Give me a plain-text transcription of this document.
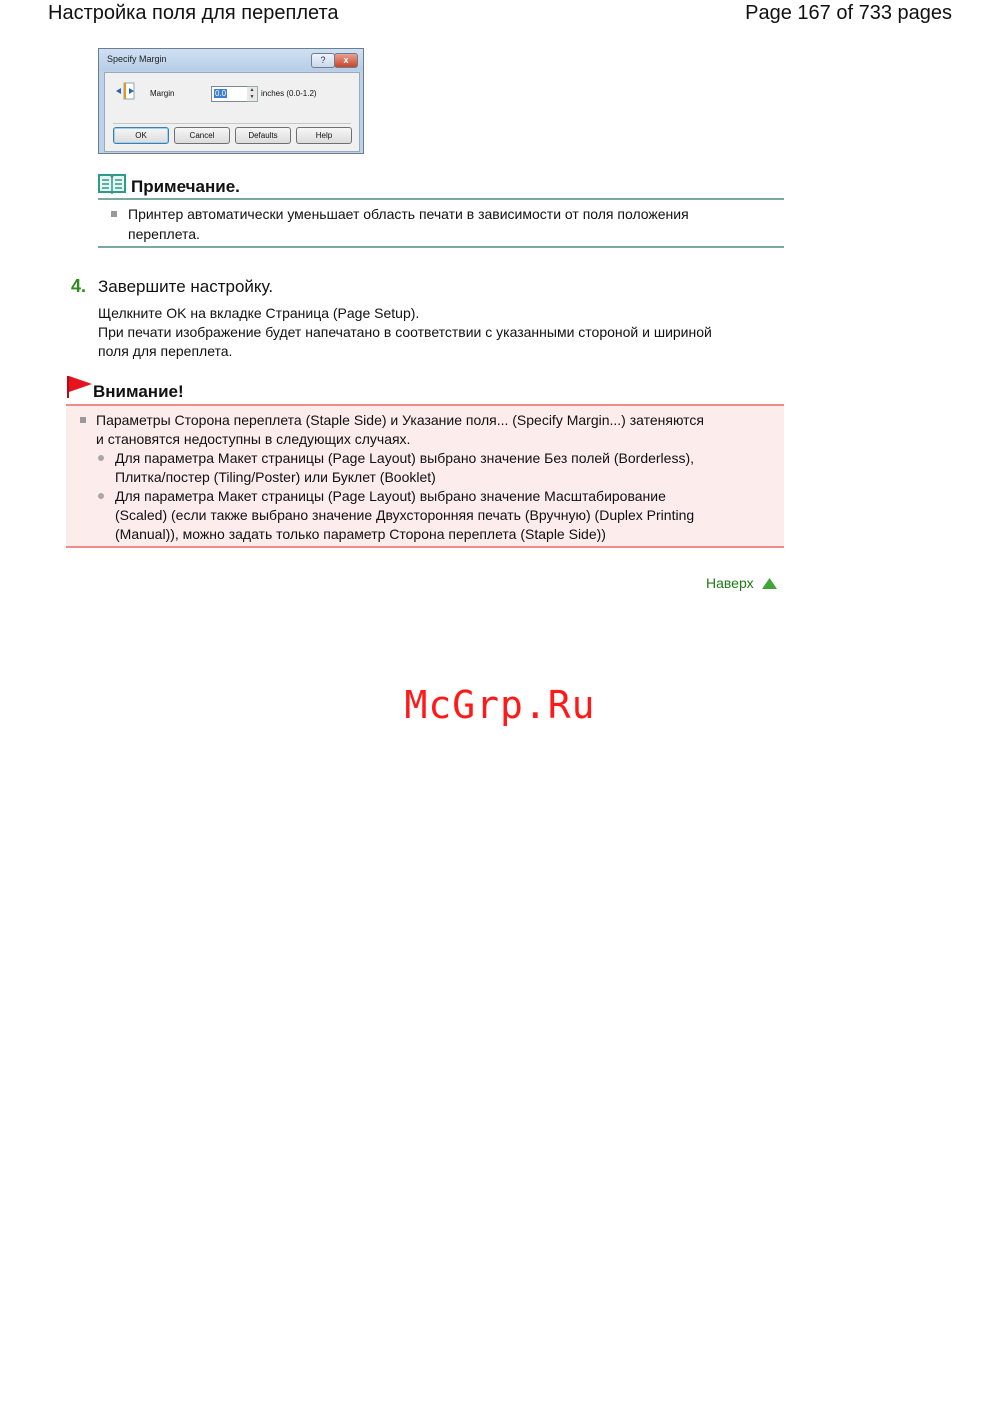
Настройка поля для переплета	Page 167 of 733 pages
Specify Margin	?	x
Margin	0.0	▲
▼ inches (0.0-1.2)
OK	Cancel	Defaults	Help
Примечание.
Принтер автоматически уменьшает область печати в зависимости от поля положения
переплета.
4. Завершите настройку.
Щелкните OK на вкладке Страница (Page Setup).
При печати изображение будет напечатано в соответствии с указанными стороной и шириной
поля для переплета.
Внимание!
Параметры Сторона переплета (Staple Side) и Указание поля... (Specify Margin...) затеняются
и становятся недоступны в следующих случаях.
Для параметра Макет страницы (Page Layout) выбрано значение Без полей (Borderless),
Плитка/постер (Tiling/Poster) или Буклет (Booklet)
Для параметра Макет страницы (Page Layout) выбрано значение Масштабирование
(Scaled) (если также выбрано значение Двухсторонняя печать (Вручную) (Duplex Printing
(Manual)), можно задать только параметр Сторона переплета (Staple Side))
Наверх
McGrp.Ru
